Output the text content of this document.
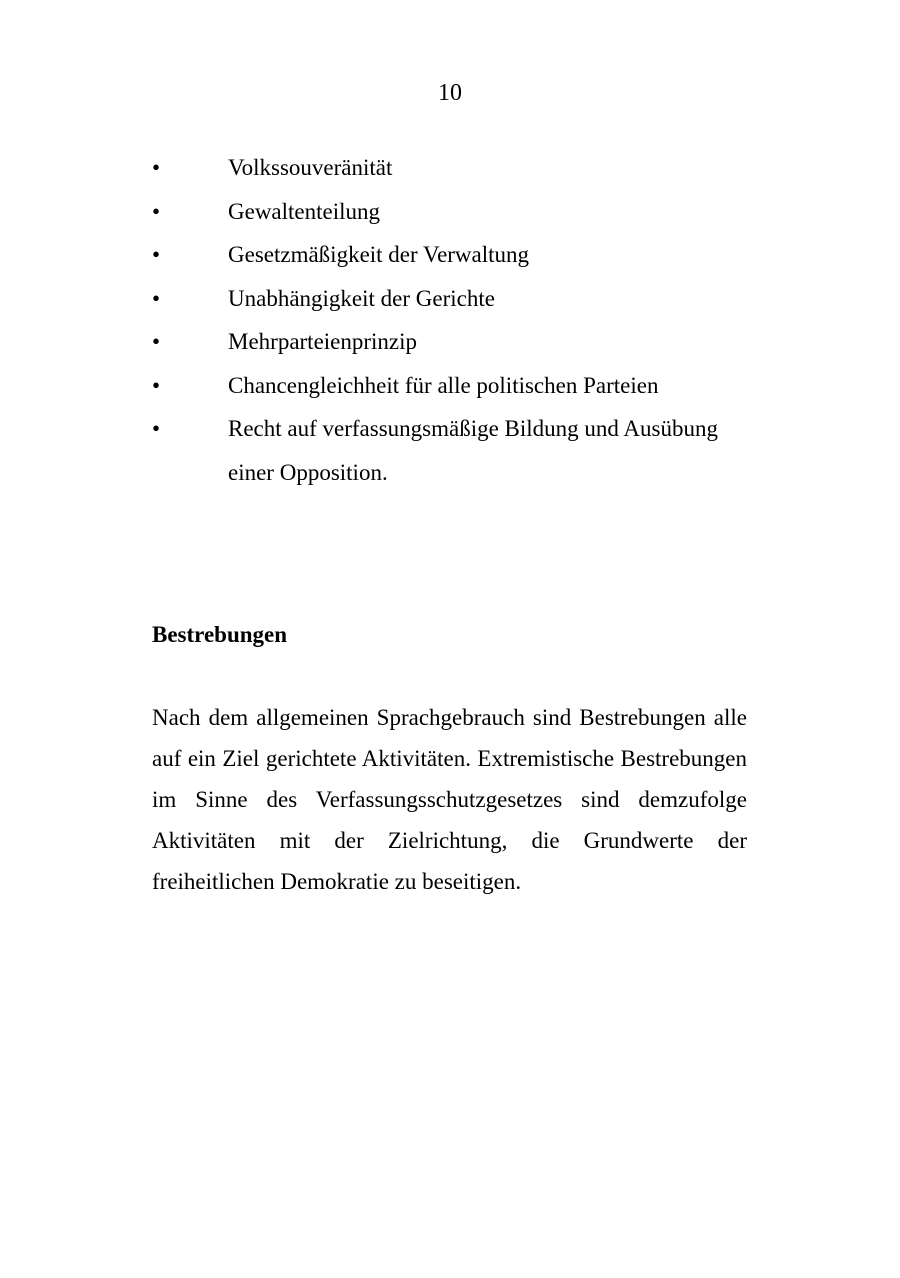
10
•	Volkssouveränität
•	Gewaltenteilung
•	Gesetzmäßigkeit der Verwaltung
•	Unabhängigkeit der Gerichte
•	Mehrparteienprinzip
•	Chancengleichheit für alle politischen Parteien
•	Recht auf verfassungsmäßige Bildung und Ausübung einer Opposition.
Bestrebungen

Nach dem allgemeinen Sprachgebrauch sind Bestrebungen alle auf ein Ziel gerichtete Aktivitäten. Extremistische Bestrebungen im Sinne des Verfassungsschutzgesetzes sind demzufolge Aktivitäten mit der Zielrichtung, die Grundwerte der freiheitlichen Demokratie zu beseitigen.
